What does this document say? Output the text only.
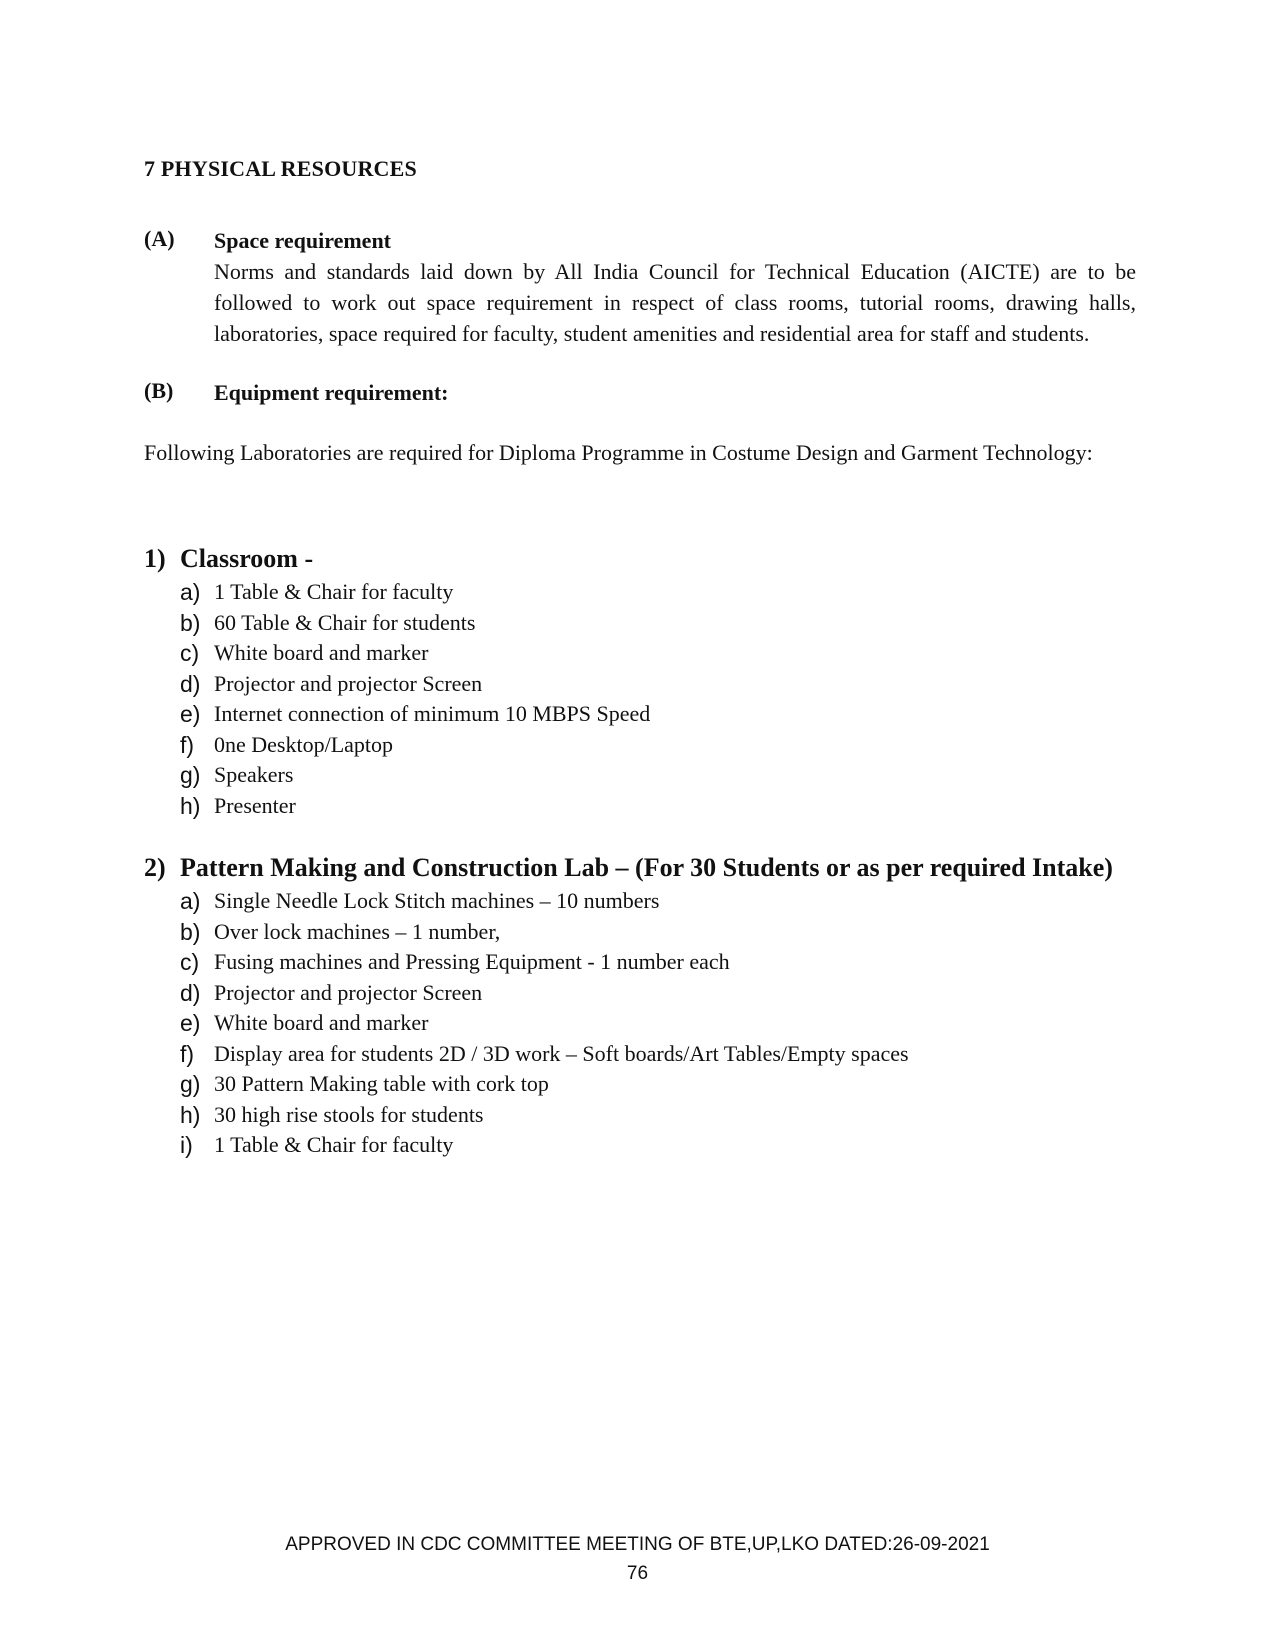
7 PHYSICAL RESOURCES
(A) Space requirement
Norms and standards laid down by All India Council for Technical Education (AICTE) are to be followed to work out space requirement in respect of class rooms, tutorial rooms, drawing halls, laboratories, space required for faculty, student amenities and residential area for staff and students.
(B) Equipment requirement:
Following Laboratories are required for Diploma Programme in Costume Design and Garment Technology:
1) Classroom -
a) 1 Table & Chair for faculty
b) 60 Table & Chair for students
c) White board and marker
d) Projector and projector Screen
e) Internet connection of minimum 10 MBPS Speed
f) 0ne Desktop/Laptop
g) Speakers
h) Presenter
2) Pattern Making and Construction Lab – (For 30 Students or as per required Intake)
a) Single Needle Lock Stitch machines – 10 numbers
b) Over lock machines – 1 number,
c) Fusing machines and Pressing Equipment - 1 number each
d) Projector and projector Screen
e) White board and marker
f) Display area for students 2D / 3D work – Soft boards/Art Tables/Empty spaces
g) 30 Pattern Making table with cork top
h) 30 high rise stools for students
i) 1 Table & Chair for faculty
APPROVED IN CDC COMMITTEE MEETING OF BTE,UP,LKO DATED:26-09-2021
76
